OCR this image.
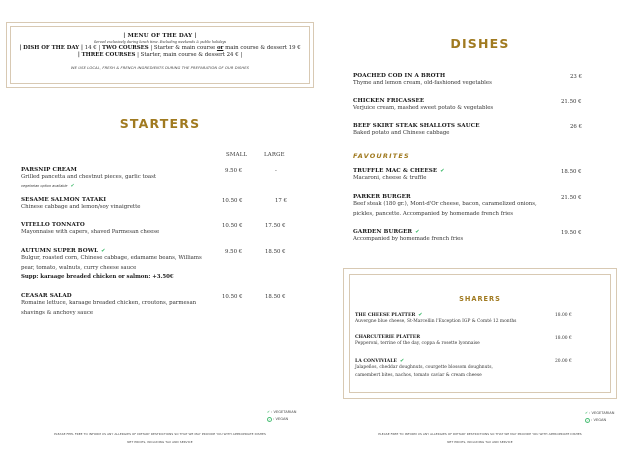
| MENU OF THE DAY |
Served exclusively during lunch time. Excluding weekends & public holidays
| DISH OF THE DAY | 14 € | TWO COURSES | Starter & main course or main course & dessert 19 €
| THREE COURSES | Starter, main course & dessert 24 € |
WE USE LOCAL, FRESH & FRENCH INGREDIENTS DURING THE PREPARATION OF OUR DISHES
STARTERS
SMALL	LARGE
PARSNIP CREAM
Grilled pancetta and chestnut pieces, garlic toast
vegetarian option available ✔
9.50 €	-
SESAME SALMON TATAKI
Chinese cabbage and lemon/soy vinaigrette
10.50 €	17 €
VITELLO TONNATO
Mayonnaise with capers, shaved Parmesan cheese
10.50 €	17.50 €
AUTUMN SUPER BOWL ✔
Bulgur, roasted corn, Chinese cabbage, edamame beans, Williams
pear, tomato, walnuts, curry cheese sauce
Supp: karaage breaded chicken or salmon: +3.50€
9.50 €	18.50 €
CEASAR SALAD
Romaine lettuce, karaage breaded chicken, croutons, parmesan
shavings & anchovy sauce
10.50 €	18.50 €
✔ : VEGETARIAN
✓ : VEGAN
PLEASE FEEL FREE TO INFORM US ANY ALLERGIES OF DIETARY RESTRICTIONS SO THAT WE MAY PROVIDE YOU WITH APPROPRIATE DISHES
NET PRICES, INCLUDING TAX AND SERVICE
DISHES
POACHED COD IN A BROTH
Thyme and lemon cream, old-fashioned vegetables
23 €
CHICKEN FRICASSEE
Verjuice cream, mashed sweet potato & vegetables
21.50 €
BEEF SKIRT STEAK SHALLOTS SAUCE
Baked potato and Chinese cabbage
26 €
FAVOURITES
TRUFFLE MAC & CHEESE ✔
Macaroni, cheese & truffle
18.50 €
PARKER BURGER
Beef steak (180 gr.), Mont-d'Or cheese, bacon, caramelized onions,
pickles, pancette. Accompanied by homemade french fries
21.50 €
GARDEN BURGER ✔
Accompanied by homemade french fries
19.50 €
SHARERS
THE CHEESE PLATTER ✔
Auvergne blue cheese, St-Marcellin l'Exception IGP & Comté 12 months
18.00 €
CHARCUTERIE PLATTER
Pepperoni, terrine of the day, coppa & rosette lyonnaise
18.00 €
LA CONVIVIALE ✔
Jalapeños, cheddar doughnuts, courgette blossom doughnuts,
camembert bites, nachos, tomato caviar & cream cheese
20.00 €
✔ : VEGETARIAN
✓ : VEGAN
PLEASE FREE TO INFORM US ANY ALLERGIES OF DIETARY RESTRICTIONS SO THAT WE MAY PROVIDE YOU WITH APPROPRIATE DISHES
NET PRICES, INCLUDING TAX AND SERVICE
